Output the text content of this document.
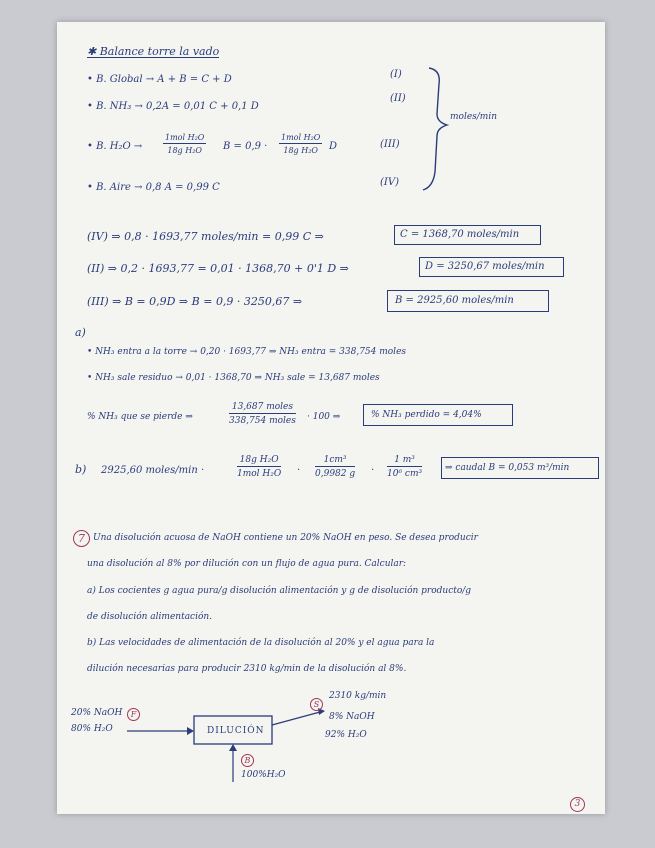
✱ Balance torre la vado
• B. Global → A + B = C + D	(I)
• B. NH₃ → 0,2A = 0,01 C + 0,1 D
(II)
• B. H₂O →
1mol H₂O
18g H₂O	B = 0,9 ·
1mol H₂O
18g H₂O	D	(III)
• B. Aire → 0,8 A = 0,99 C	(IV)
moles/min
(IV) ⇒ 0,8 · 1693,77 moles/min = 0,99 C ⇒	C = 1368,70 moles/min
(II) ⇒ 0,2 · 1693,77 = 0,01 · 1368,70 + 0'1 D ⇒	D = 3250,67 moles/min
(III) ⇒ B = 0,9D ⇒ B = 0,9 · 3250,67 ⇒	B = 2925,60 moles/min
a)
• NH₃ entra a la torre → 0,20 · 1693,77 ⇒ NH₃ entra = 338,754 moles
• NH₃ sale residuo → 0,01 · 1368,70 ⇒ NH₃ sale = 13,687 moles
% NH₃ que se pierde ⇒
13,687 moles
338,754 moles · 100 ⇒	% NH₃ perdido = 4,04%
b) 2925,60 moles/min ·
18g H₂O
1mol $H_2O \cdot \frac{\text{1cm³}}{0,9982 g} \cdot \frac{\text{1 m³}}{\text{10⁶ cm³}}$	⇒ caudal B = 0,053 m³/min
7 Una disolución acuosa de NaOH contiene un 20% NaOH en peso. Se desea producir
una disolución al 8% por dilución con un flujo de agua pura. Calcular:
a) Los cocientes g agua pura/g disolución alimentación y g de disolución producto/g
de disolución alimentación.
b) Las velocidades de alimentación de la disolución al 20% y el agua para la
dilución necesarias para producir 2310 kg/min de la disolución al 8%.
20% NaOH	F
80% H₂O	DILUCIÓN
S
2310 kg/min
8% NaOH
92% H₂O
B
100%H₂O
3
